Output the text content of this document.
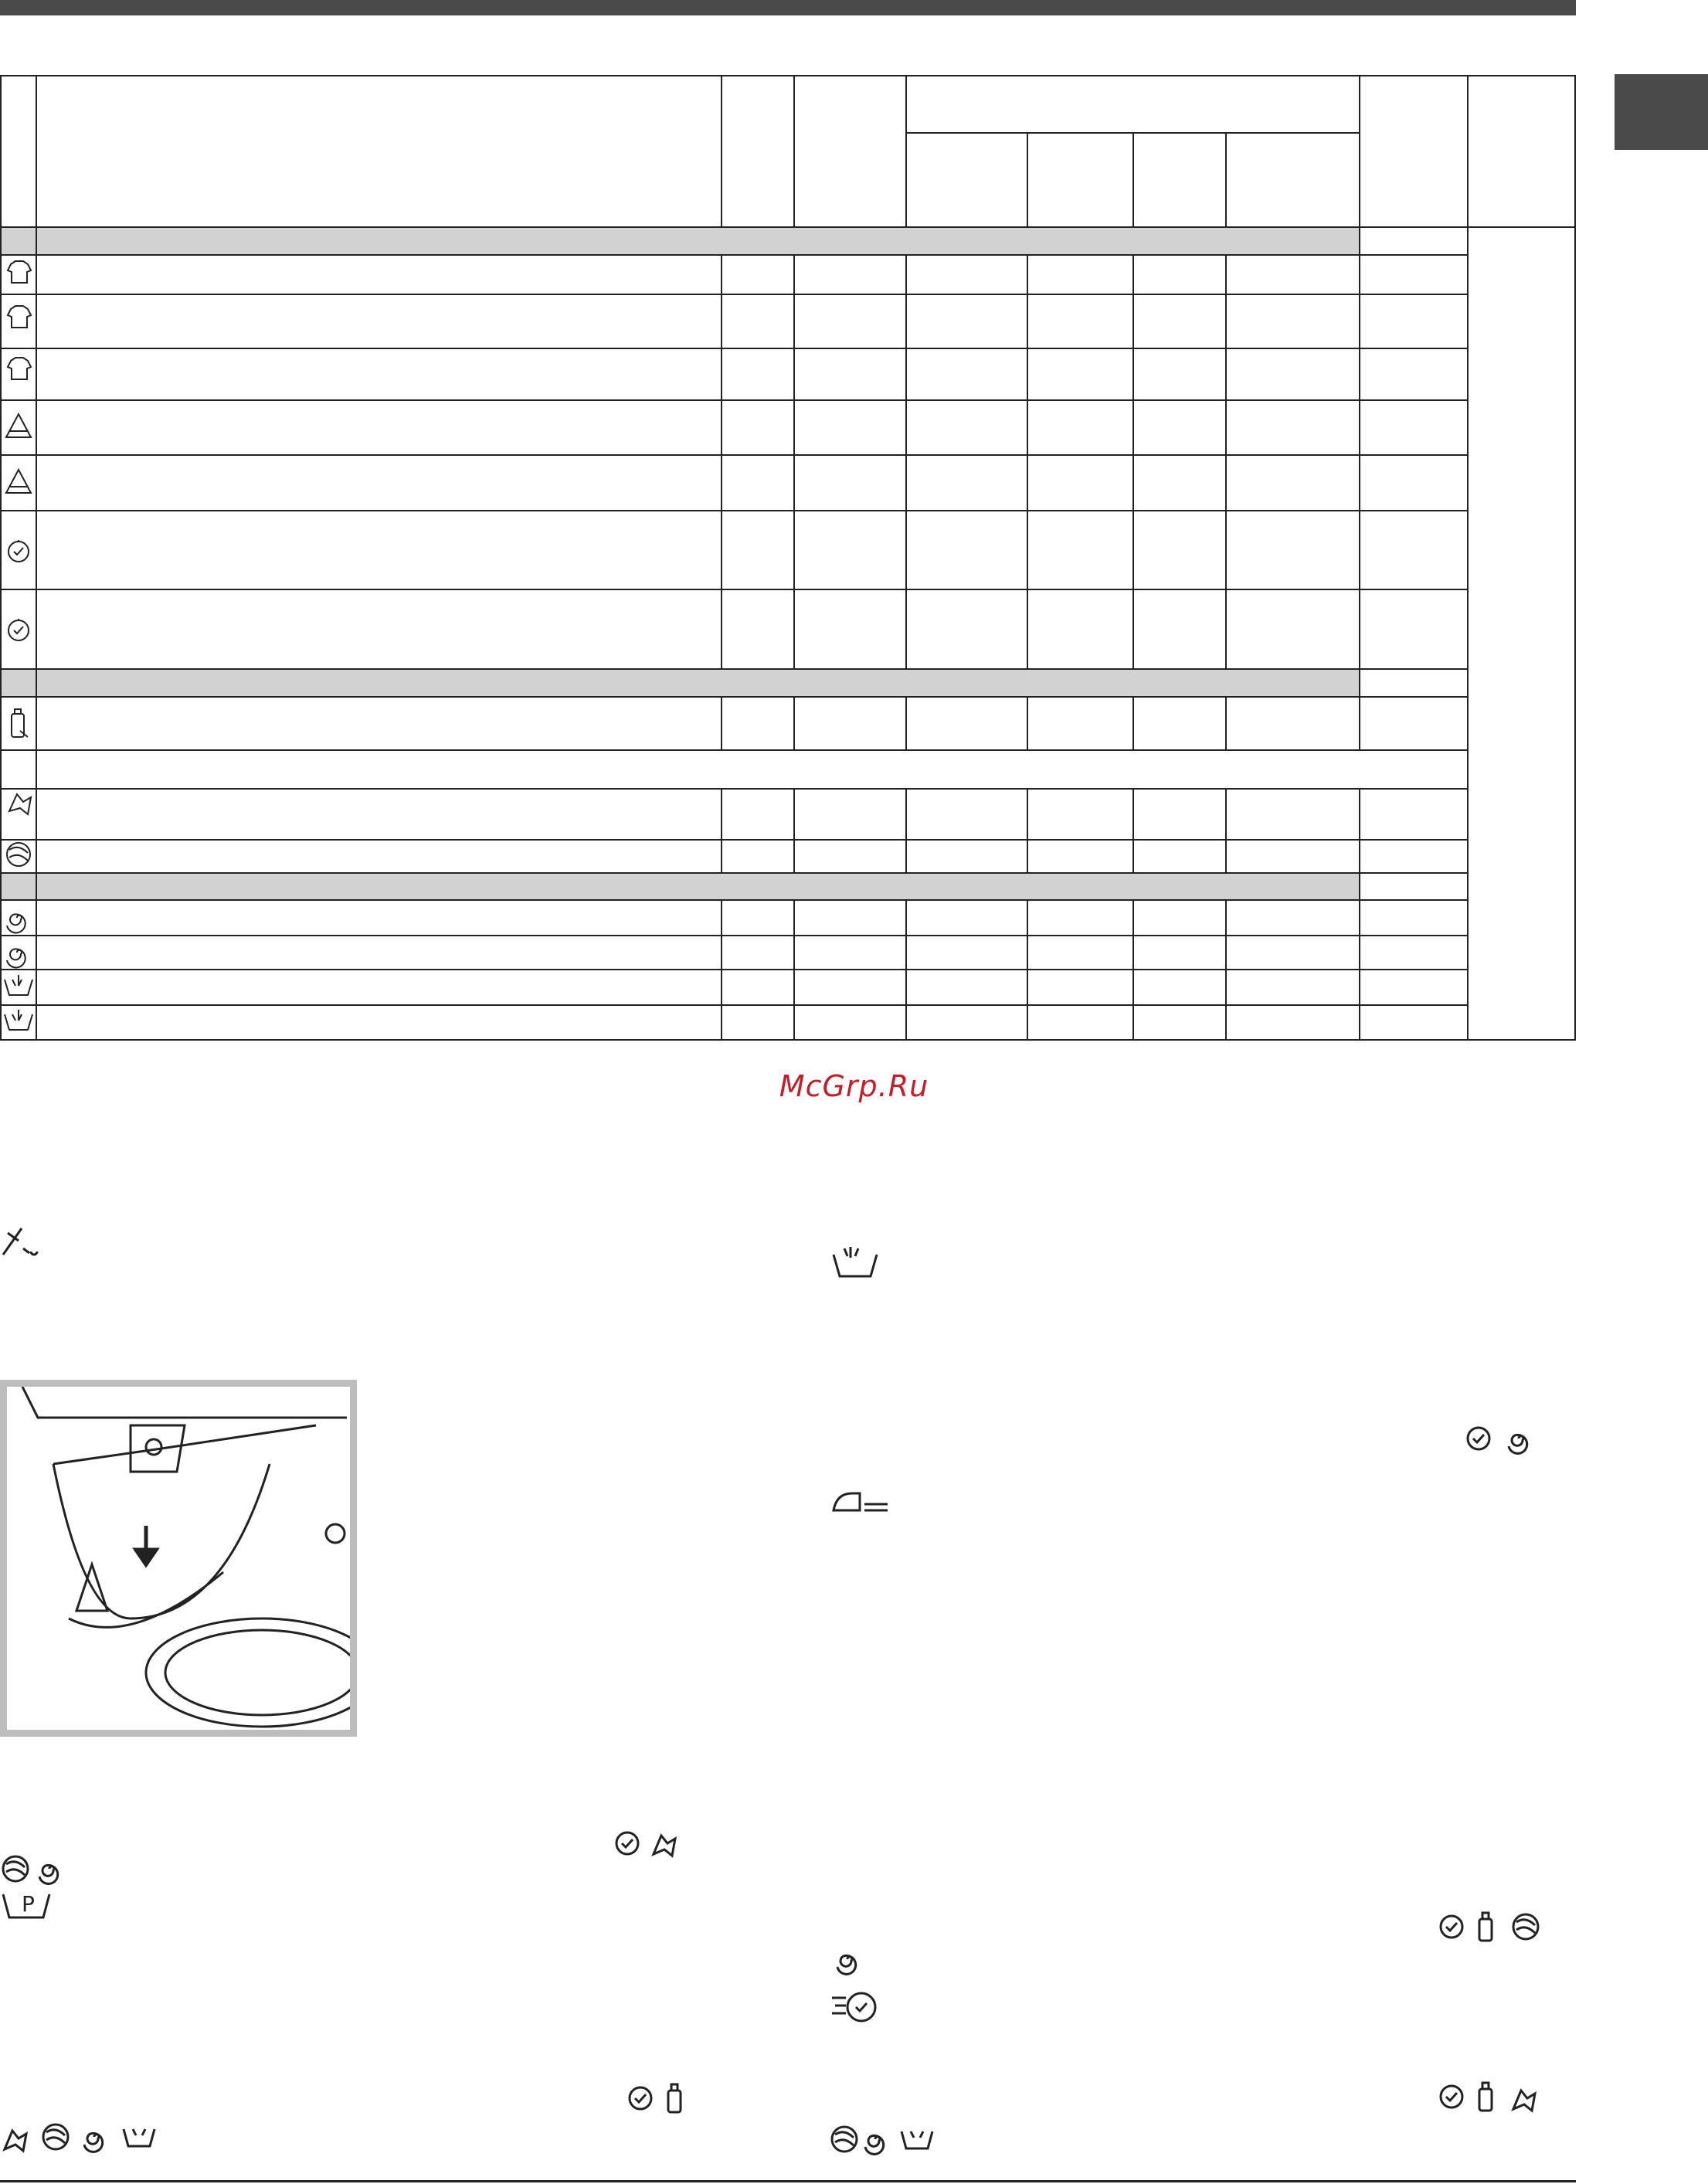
McGrp.Ru
P
